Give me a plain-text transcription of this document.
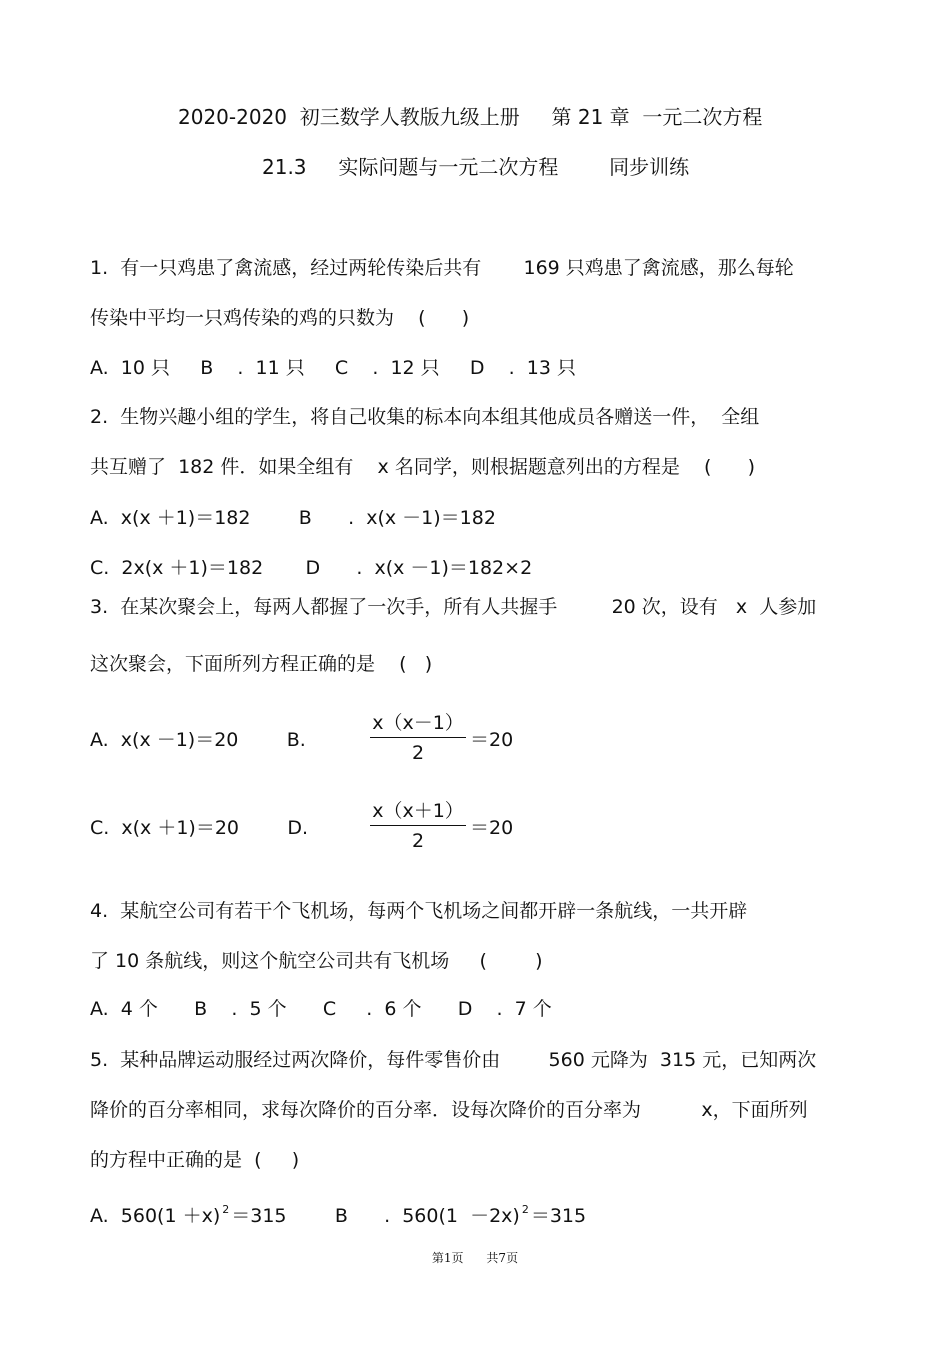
2020-2020  初三数学人教版九级上册     第 21 章  一元二次方程
21.3     实际问题与一元二次方程        同步训练
1.  有一只鸡患了禽流感，经过两轮传染后共有       169 只鸡患了禽流感，那么每轮
传染中平均一只鸡传染的鸡的只数为    (      )
A.  10 只     B    .  11 只     C    .  12 只     D    .  13 只
2.  生物兴趣小组的学生，将自己收集的标本向本组其他成员各赠送一件，  全组
共互赠了  182 件．如果全组有    x 名同学，则根据题意列出的方程是    (      )
A.  x(x ＋1)＝182        B      .  x(x －1)＝182
C.  2x(x ＋1)＝182       D      .  x(x －1)＝182×2
3.  在某次聚会上，每两人都握了一次手，所有人共握手         20 次，设有   x  人参加
这次聚会，下面所列方程正确的是    (   )
A.  x(x －1)＝20        B.
x（x－1）
2
＝20
C.  x(x ＋1)＝20        D.
x（x＋1）
2
＝20
4.  某航空公司有若干个飞机场，每两个飞机场之间都开辟一条航线，一共开辟
了 10 条航线，则这个航空公司共有飞机场     (        )
A.  4 个      B    .  5 个      C     .  6 个      D    .  7 个
5.  某种品牌运动服经过两次降价，每件零售价由        560 元降为  315 元，已知两次
降价的百分率相同，求每次降价的百分率．设每次降价的百分率为          x，下面所列
的方程中正确的是  (     )
A.  560(1 ＋x) $^2$ ＝315        B      .  560(1  －2x) $^2$ ＝315
第1页      共7页
